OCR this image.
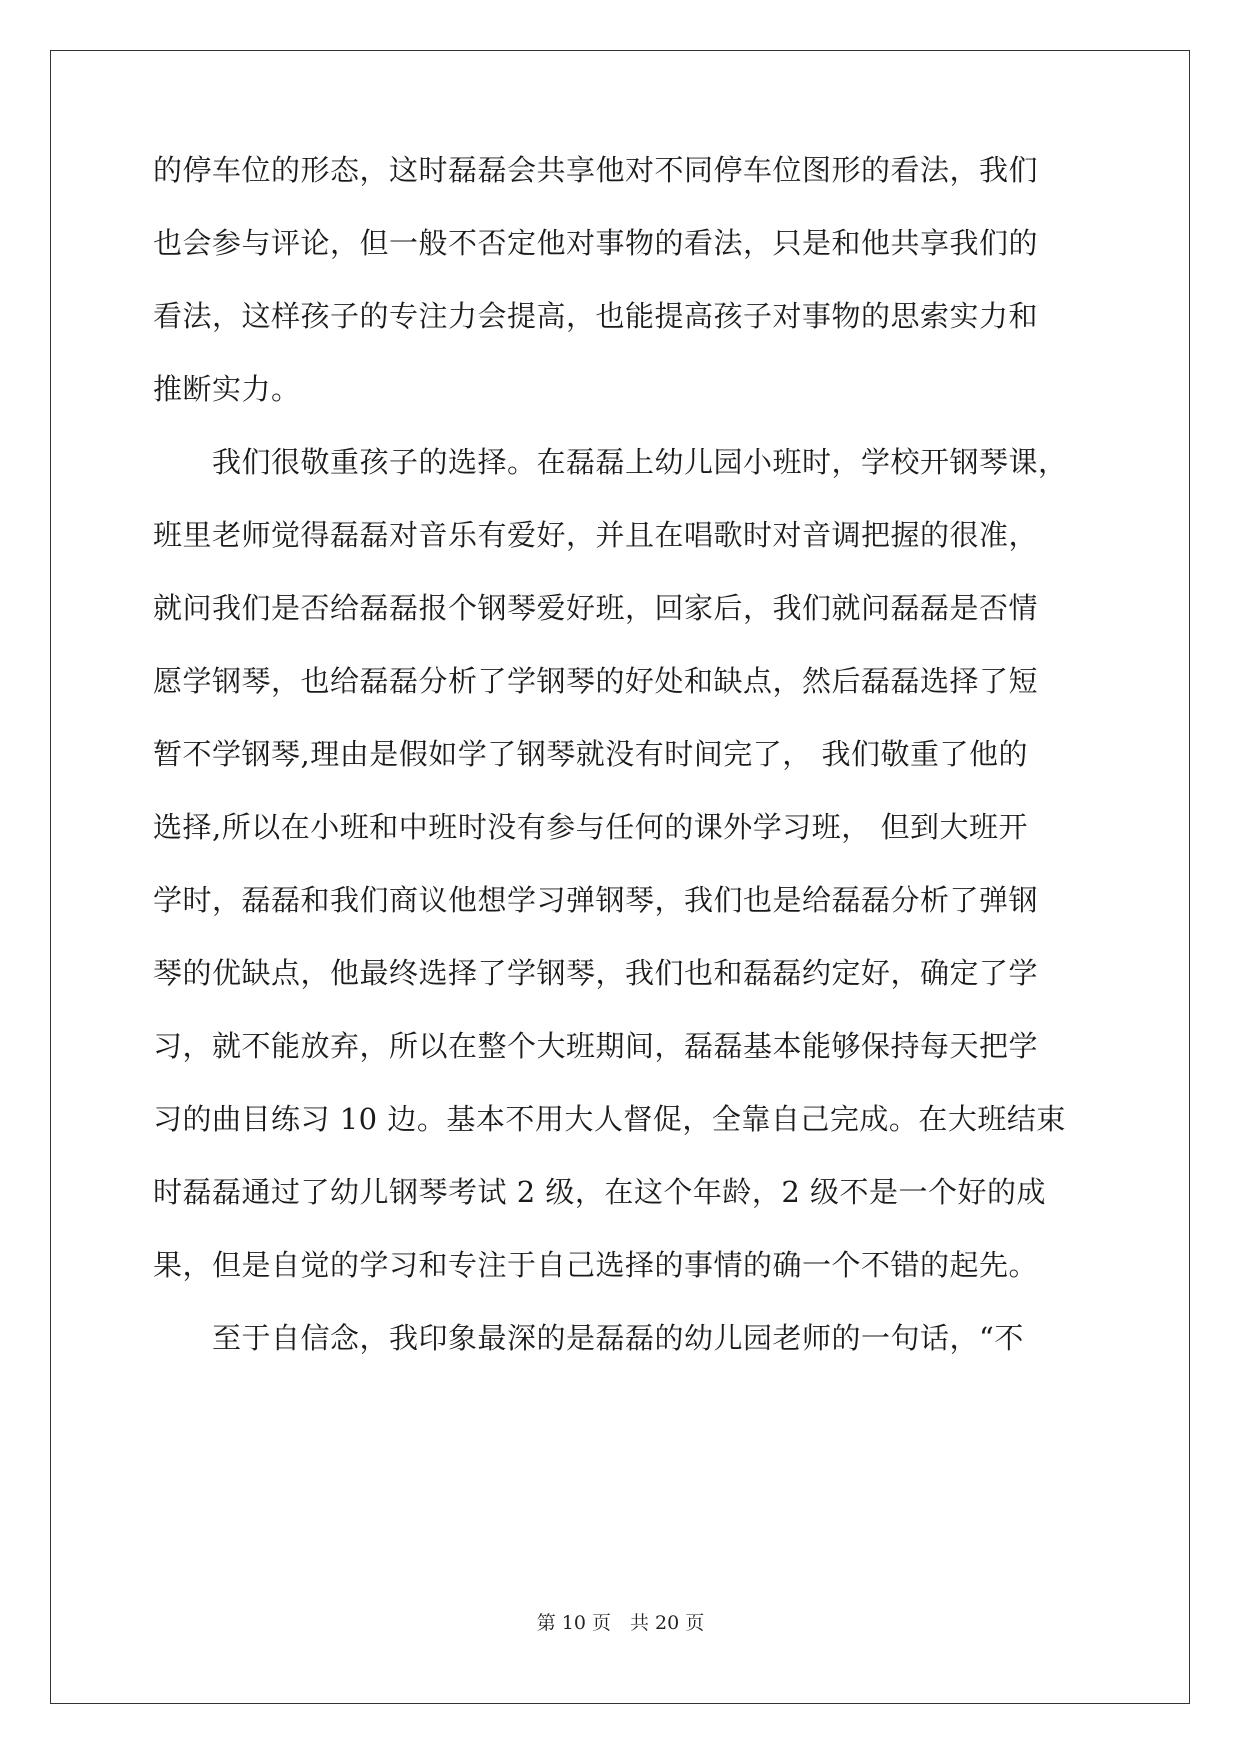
的停车位的形态，这时磊磊会共享他对不同停车位图形的看法，我们
也会参与评论，但一般不否定他对事物的看法，只是和他共享我们的
看法，这样孩子的专注力会提高，也能提高孩子对事物的思索实力和
推断实力。
我们很敬重孩子的选择。在磊磊上幼儿园小班时，学校开钢琴课，
班里老师觉得磊磊对音乐有爱好，并且在唱歌时对音调把握的很准，
就问我们是否给磊磊报个钢琴爱好班，回家后，我们就问磊磊是否情
愿学钢琴，也给磊磊分析了学钢琴的好处和缺点，然后磊磊选择了短
暂不学钢琴,理由是假如学了钢琴就没有时间完了， 我们敬重了他的
选择,所以在小班和中班时没有参与任何的课外学习班， 但到大班开
学时，磊磊和我们商议他想学习弹钢琴，我们也是给磊磊分析了弹钢
琴的优缺点，他最终选择了学钢琴，我们也和磊磊约定好，确定了学
习，就不能放弃，所以在整个大班期间，磊磊基本能够保持每天把学
习的曲目练习 10 边。基本不用大人督促，全靠自己完成。在大班结束
时磊磊通过了幼儿钢琴考试 2 级，在这个年龄，2 级不是一个好的成
果，但是自觉的学习和专注于自己选择的事情的确一个不错的起先。
至于自信念，我印象最深的是磊磊的幼儿园老师的一句话，“不
第 10 页　共 20 页
